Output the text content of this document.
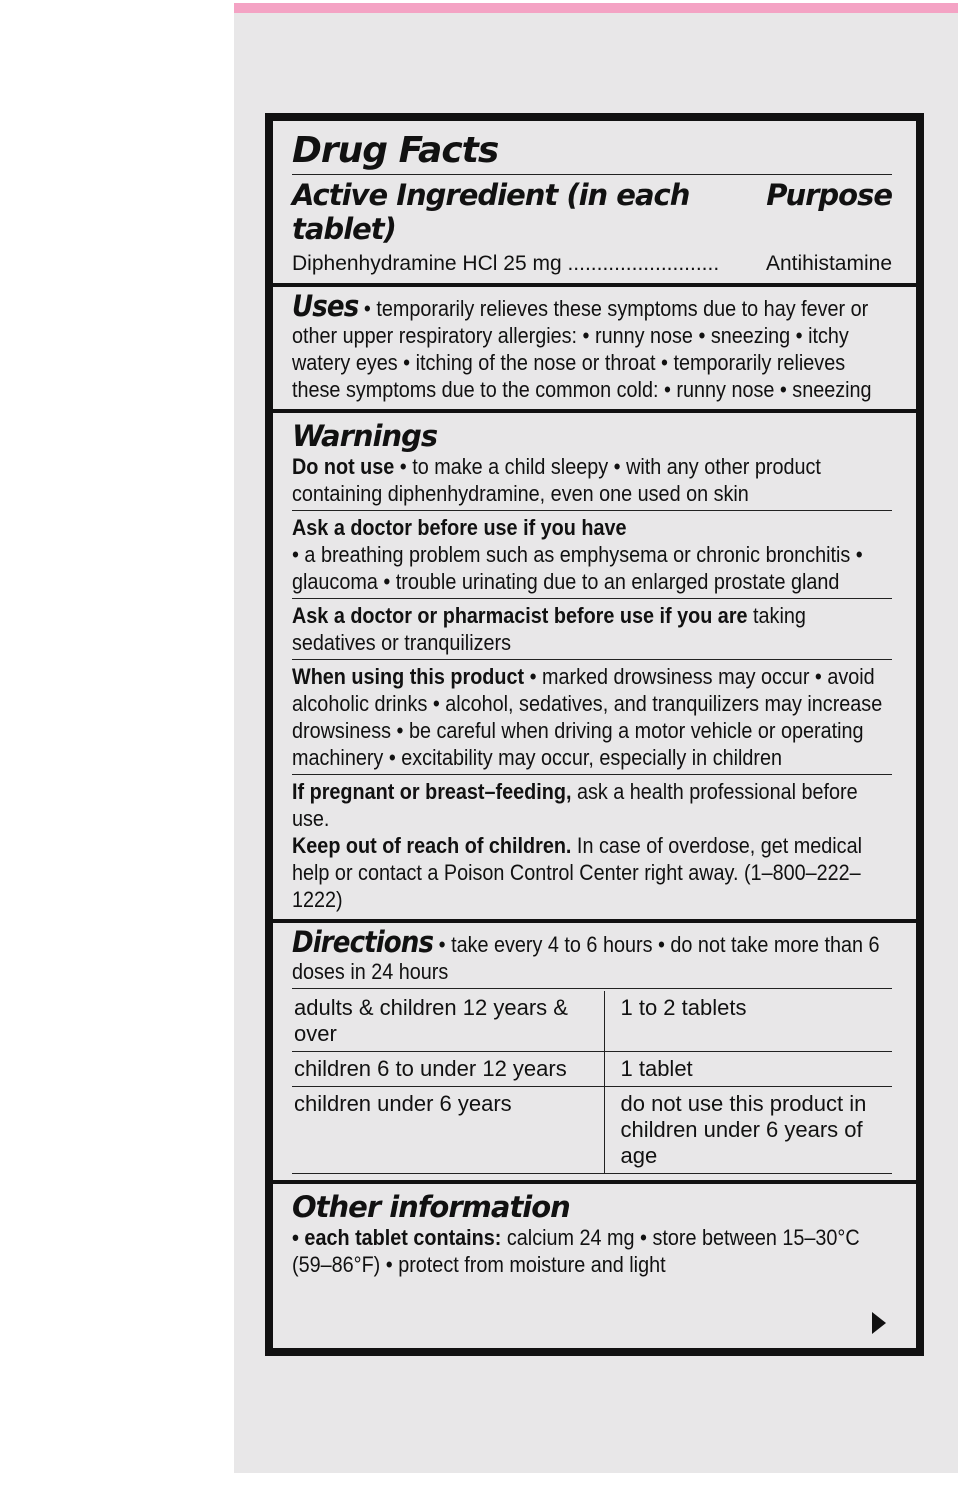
Drug Facts
Active Ingredient (in each tablet)
Purpose
Diphenhydramine HCl 25 mg .......................... Antihistamine
Uses • temporarily relieves these symptoms due to hay fever or other upper respiratory allergies: • runny nose • sneezing • itchy watery eyes • itching of the nose or throat • temporarily relieves these symptoms due to the common cold: • runny nose • sneezing
Warnings
Do not use • to make a child sleepy • with any other product containing diphenhydramine, even one used on skin
Ask a doctor before use if you have
• a breathing problem such as emphysema or chronic bronchitis • glaucoma • trouble urinating due to an enlarged prostate gland
Ask a doctor or pharmacist before use if you are taking sedatives or tranquilizers
When using this product • marked drowsiness may occur • avoid alcoholic drinks • alcohol, sedatives, and tranquilizers may increase drowsiness • be careful when driving a motor vehicle or operating machinery • excitability may occur, especially in children
If pregnant or breast–feeding, ask a health professional before use.
Keep out of reach of children. In case of overdose, get medical help or contact a Poison Control Center right away. (1–800–222–1222)
Directions • take every 4 to 6 hours • do not take more than 6 doses in 24 hours
adults & children 12 years & over	1 to 2 tablets
children 6 to under 12 years	1 tablet
children under 6 years	do not use this product in children under 6 years of age
Other information
• each tablet contains: calcium 24 mg • store between 15–30°C (59–86°F) • protect from moisture and light
